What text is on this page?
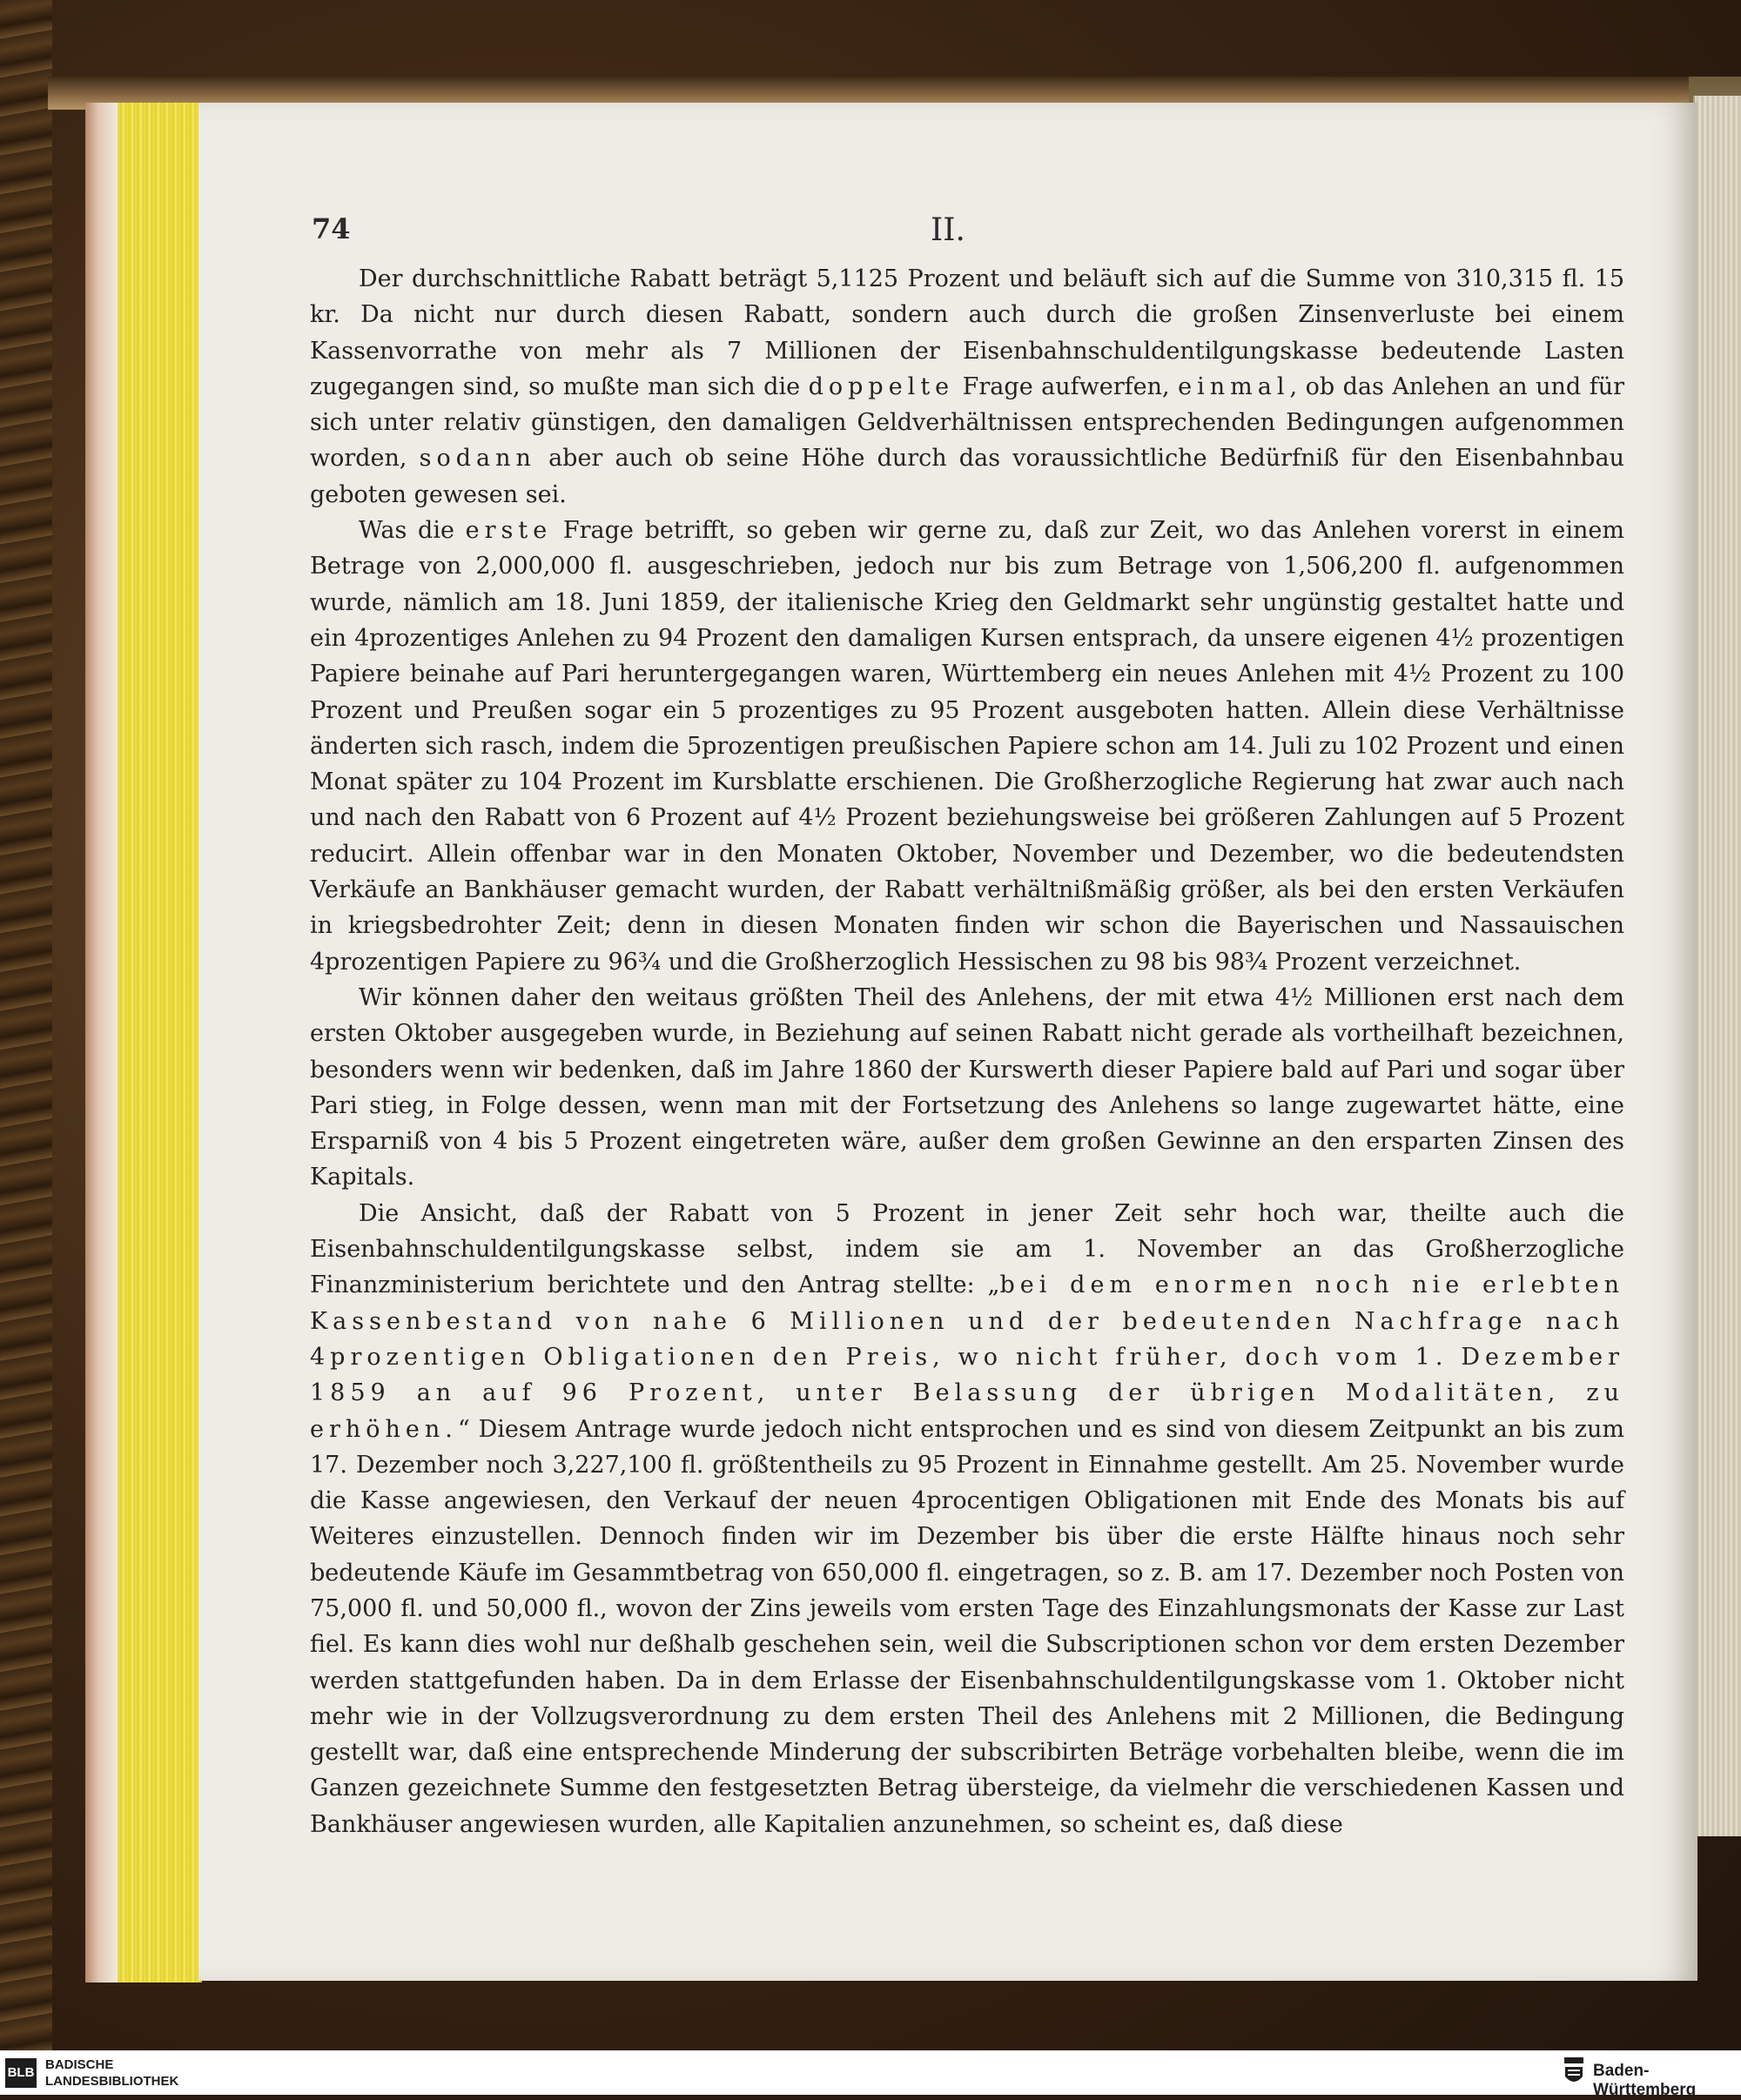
74	II.

Der durchschnittliche Rabatt beträgt 5,1125 Prozent und beläuft sich auf die Summe von 310,315 fl. 15 kr. Da nicht nur durch diesen Rabatt, sondern auch durch die großen Zinsenverluste bei einem Kassenvorrathe von mehr als 7 Millionen der Eisenbahnschuldentilgungskasse bedeutende Lasten zugegangen sind, so mußte man sich die doppelte Frage aufwerfen, einmal, ob das Anlehen an und für sich unter relativ günstigen, den damaligen Geldverhältnissen entsprechenden Bedingungen aufgenommen worden, sodann aber auch ob seine Höhe durch das voraussichtliche Bedürfniß für den Eisenbahnbau geboten gewesen sei.

Was die erste Frage betrifft, so geben wir gerne zu, daß zur Zeit, wo das Anlehen vorerst in einem Betrage von 2,000,000 fl. ausgeschrieben, jedoch nur bis zum Betrage von 1,506,200 fl. aufgenommen wurde, nämlich am 18. Juni 1859, der italienische Krieg den Geldmarkt sehr ungünstig gestaltet hatte und ein 4prozentiges Anlehen zu 94 Prozent den damaligen Kursen entsprach, da unsere eigenen 4½ prozentigen Papiere beinahe auf Pari heruntergegangen waren, Württemberg ein neues Anlehen mit 4½ Prozent zu 100 Prozent und Preußen sogar ein 5 prozentiges zu 95 Prozent ausgeboten hatten. Allein diese Verhältnisse änderten sich rasch, indem die 5prozentigen preußischen Papiere schon am 14. Juli zu 102 Prozent und einen Monat später zu 104 Prozent im Kursblatte erschienen. Die Großherzogliche Regierung hat zwar auch nach und nach den Rabatt von 6 Prozent auf 4½ Prozent beziehungsweise bei größeren Zahlungen auf 5 Prozent reducirt. Allein offenbar war in den Monaten Oktober, November und Dezember, wo die bedeutendsten Verkäufe an Bankhäuser gemacht wurden, der Rabatt verhältnißmäßig größer, als bei den ersten Verkäufen in kriegsbedrohter Zeit; denn in diesen Monaten finden wir schon die Bayerischen und Nassauischen 4prozentigen Papiere zu 96¾ und die Großherzoglich Hessischen zu 98 bis 98¾ Prozent verzeichnet.

Wir können daher den weitaus größten Theil des Anlehens, der mit etwa 4½ Millionen erst nach dem ersten Oktober ausgegeben wurde, in Beziehung auf seinen Rabatt nicht gerade als vortheilhaft bezeichnen, besonders wenn wir bedenken, daß im Jahre 1860 der Kurswerth dieser Papiere bald auf Pari und sogar über Pari stieg, in Folge dessen, wenn man mit der Fortsetzung des Anlehens so lange zugewartet hätte, eine Ersparniß von 4 bis 5 Prozent eingetreten wäre, außer dem großen Gewinne an den ersparten Zinsen des Kapitals.

Die Ansicht, daß der Rabatt von 5 Prozent in jener Zeit sehr hoch war, theilte auch die Eisenbahnschuldentilgungskasse selbst, indem sie am 1. November an das Großherzogliche Finanzministerium berichtete und den Antrag stellte: „bei dem enormen noch nie erlebten Kassenbestand von nahe 6 Millionen und der bedeutenden Nachfrage nach 4prozentigen Obligationen den Preis, wo nicht früher, doch vom 1. Dezember 1859 an auf 96 Prozent, unter Belassung der übrigen Modalitäten, zu erhöhen.“ Diesem Antrage wurde jedoch nicht entsprochen und es sind von diesem Zeitpunkt an bis zum 17. Dezember noch 3,227,100 fl. größtentheils zu 95 Prozent in Einnahme gestellt. Am 25. November wurde die Kasse angewiesen, den Verkauf der neuen 4procentigen Obligationen mit Ende des Monats bis auf Weiteres einzustellen. Dennoch finden wir im Dezember bis über die erste Hälfte hinaus noch sehr bedeutende Käufe im Gesammtbetrag von 650,000 fl. eingetragen, so z. B. am 17. Dezember noch Posten von 75,000 fl. und 50,000 fl., wovon der Zins jeweils vom ersten Tage des Einzahlungsmonats der Kasse zur Last fiel. Es kann dies wohl nur deßhalb geschehen sein, weil die Subscriptionen schon vor dem ersten Dezember werden stattgefunden haben. Da in dem Erlasse der Eisenbahnschuldentilgungskasse vom 1. Oktober nicht mehr wie in der Vollzugsverordnung zu dem ersten Theil des Anlehens mit 2 Millionen, die Bedingung gestellt war, daß eine entsprechende Minderung der subscribirten Beträge vorbehalten bleibe, wenn die im Ganzen gezeichnete Summe den festgesetzten Betrag übersteige, da vielmehr die verschiedenen Kassen und Bankhäuser angewiesen wurden, alle Kapitalien anzunehmen, so scheint es, daß diese

BLB
BADISCHE
LANDESBIBLIOTHEK
Baden-Württemberg
